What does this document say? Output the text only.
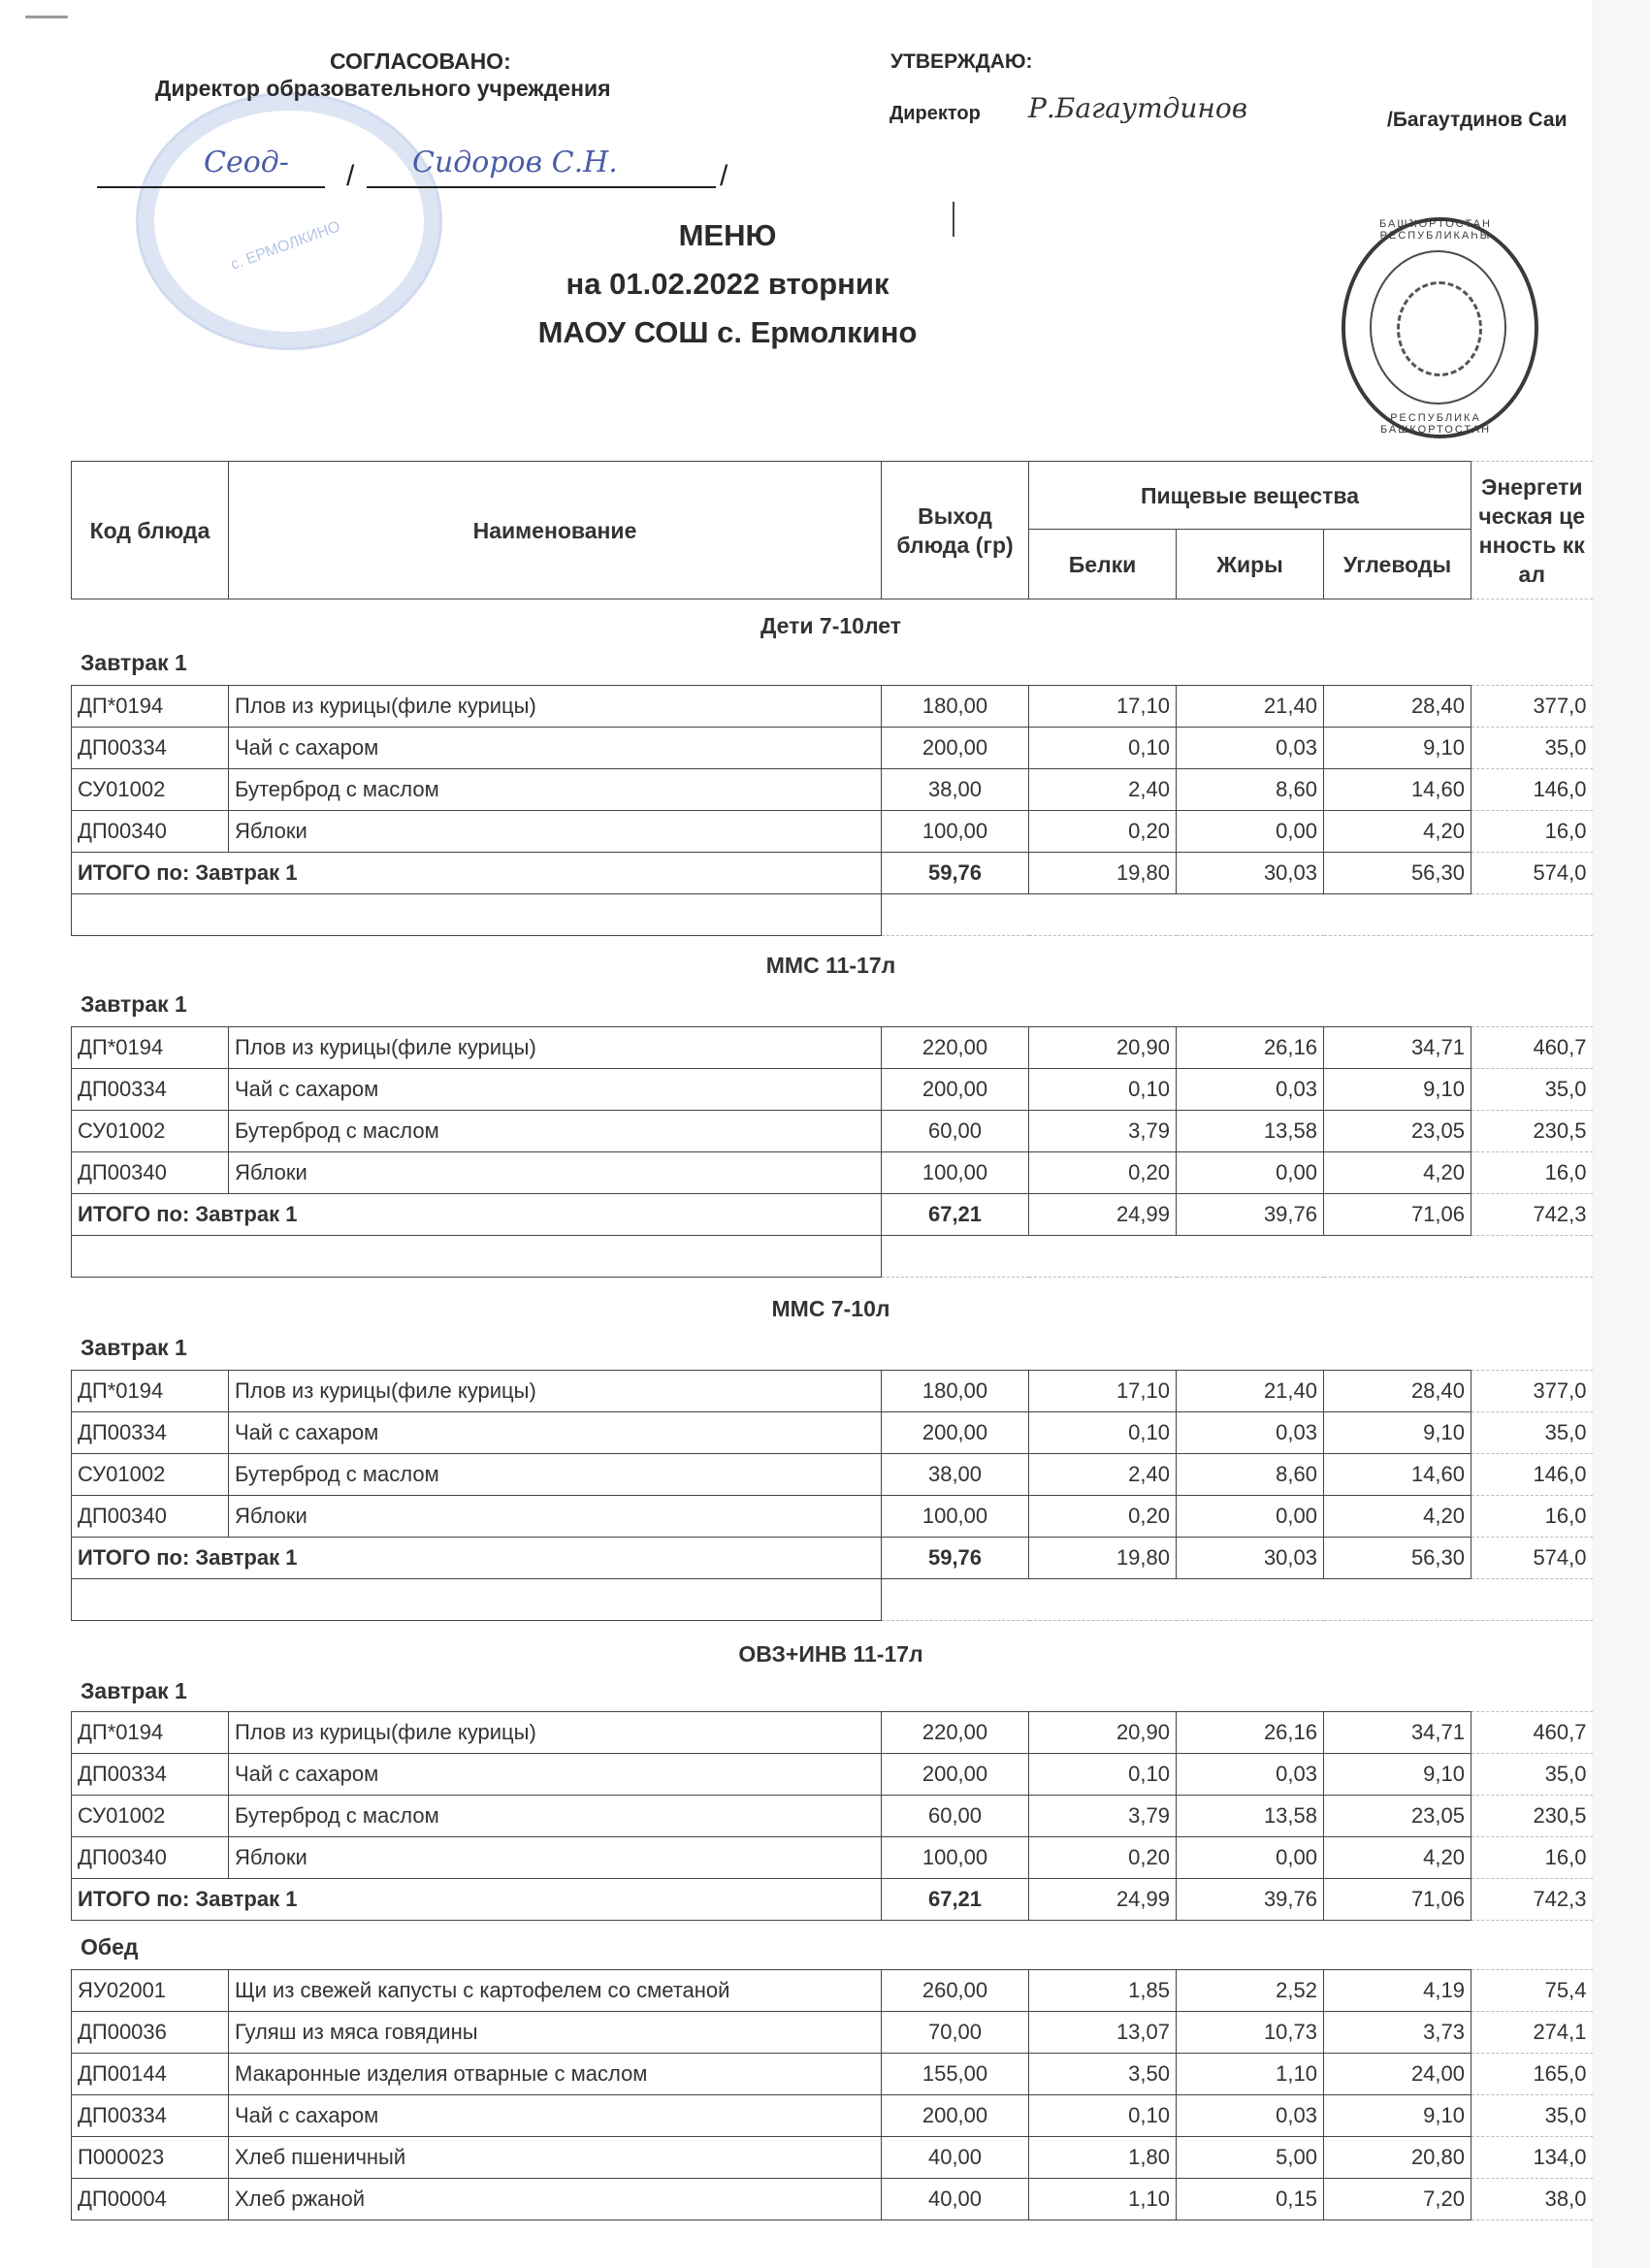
с. ЕРМОЛКИНО
СОГЛАСОВАНО:
Директор образовательного учреждения
Сеод- / Сидоров С.Н.	/
УТВЕРЖДАЮ:
Директор Р.Багаутдинов	/Багаутдинов Саи
БАШҠОРТОСТАН РЕСПУБЛИКАҺЫ
РЕСПУБЛИКА БАШКОРТОСТАН
МЕНЮ
на 01.02.2022 вторник
МАОУ СОШ с. Ермолкино
Код блюда	Наименование	Выход блюда (гр)	Пищевые вещества			Энергетическая ценность ккал
			Белки	Жиры	Углеводы	
Дети 7-10лет
Завтрак 1
ДП*0194	Плов из курицы(филе курицы)	180,00	17,10	21,40	28,40	377,0
ДП00334	Чай с сахаром	200,00	0,10	0,03	9,10	35,0
СУ01002	Бутерброд с маслом	38,00	2,40	8,60	14,60	146,0
ДП00340	Яблоки	100,00	0,20	0,00	4,20	16,0
ИТОГО по: Завтрак 1		59,76	19,80	30,03	56,30	574,0

ММС 11-17л
Завтрак 1
ДП*0194	Плов из курицы(филе курицы)	220,00	20,90	26,16	34,71	460,7
ДП00334	Чай с сахаром	200,00	0,10	0,03	9,10	35,0
СУ01002	Бутерброд с маслом	60,00	3,79	13,58	23,05	230,5
ДП00340	Яблоки	100,00	0,20	0,00	4,20	16,0
ИТОГО по: Завтрак 1		67,21	24,99	39,76	71,06	742,3

ММС 7-10л
Завтрак 1
ДП*0194	Плов из курицы(филе курицы)	180,00	17,10	21,40	28,40	377,0
ДП00334	Чай с сахаром	200,00	0,10	0,03	9,10	35,0
СУ01002	Бутерброд с маслом	38,00	2,40	8,60	14,60	146,0
ДП00340	Яблоки	100,00	0,20	0,00	4,20	16,0
ИТОГО по: Завтрак 1		59,76	19,80	30,03	56,30	574,0

ОВЗ+ИНВ 11-17л
Завтрак 1
ДП*0194	Плов из курицы(филе курицы)	220,00	20,90	26,16	34,71	460,7
ДП00334	Чай с сахаром	200,00	0,10	0,03	9,10	35,0
СУ01002	Бутерброд с маслом	60,00	3,79	13,58	23,05	230,5
ДП00340	Яблоки	100,00	0,20	0,00	4,20	16,0
ИТОГО по: Завтрак 1		67,21	24,99	39,76	71,06	742,3
Обед
ЯУ02001	Щи из свежей капусты с картофелем со сметаной	260,00	1,85	2,52	4,19	75,4
ДП00036	Гуляш из мяса говядины	70,00	13,07	10,73	3,73	274,1
ДП00144	Макаронные изделия отварные с маслом	155,00	3,50	1,10	24,00	165,0
ДП00334	Чай с сахаром	200,00	0,10	0,03	9,10	35,0
П000023	Хлеб пшеничный	40,00	1,80	5,00	20,80	134,0
ДП00004	Хлеб ржаной	40,00	1,10	0,15	7,20	38,0
